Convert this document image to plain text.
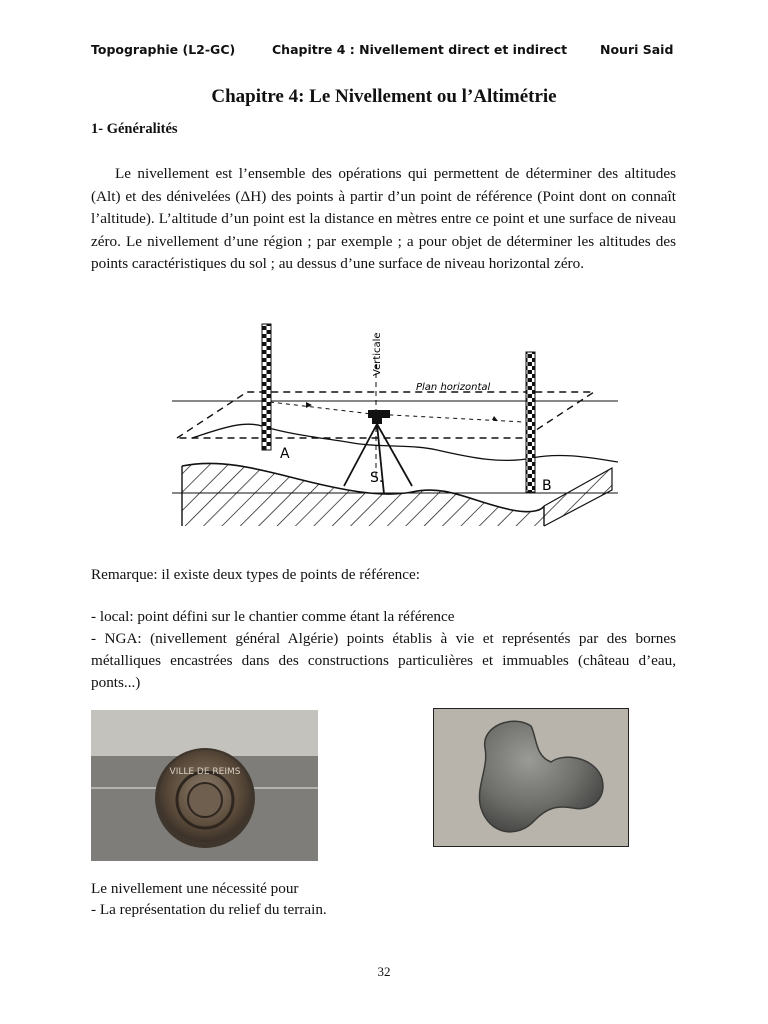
Topographie (L2-GC)	Chapitre 4 : Nivellement direct et indirect	Nouri Said
Chapitre 4: Le Nivellement ou l’Altimétrie
1- Généralités

Le nivellement est l’ensemble des opérations qui permettent de déterminer des altitudes (Alt) et des dénivelées (ΔH) des points à partir d’un point de référence (Point dont on connaît l’altitude). L’altitude d’un point est la distance en mètres entre ce point et une surface de niveau zéro. Le nivellement d’une région ; par exemple ; a pour objet de déterminer les altitudes des points caractéristiques du sol ; au dessus d’une surface de niveau horizontal zéro.

Verticale
Plan horizontal
A
B
S.

Remarque: il existe deux types de points de référence:

- local: point défini sur le chantier comme étant la référence

- NGA: (nivellement général Algérie) points établis à vie et représentés par des bornes métalliques encastrées dans des constructions particulières et immuables (château d’eau, ponts...)

VILLE DE REIMS

Le nivellement une nécessité pour

- La représentation du relief du terrain.

32
